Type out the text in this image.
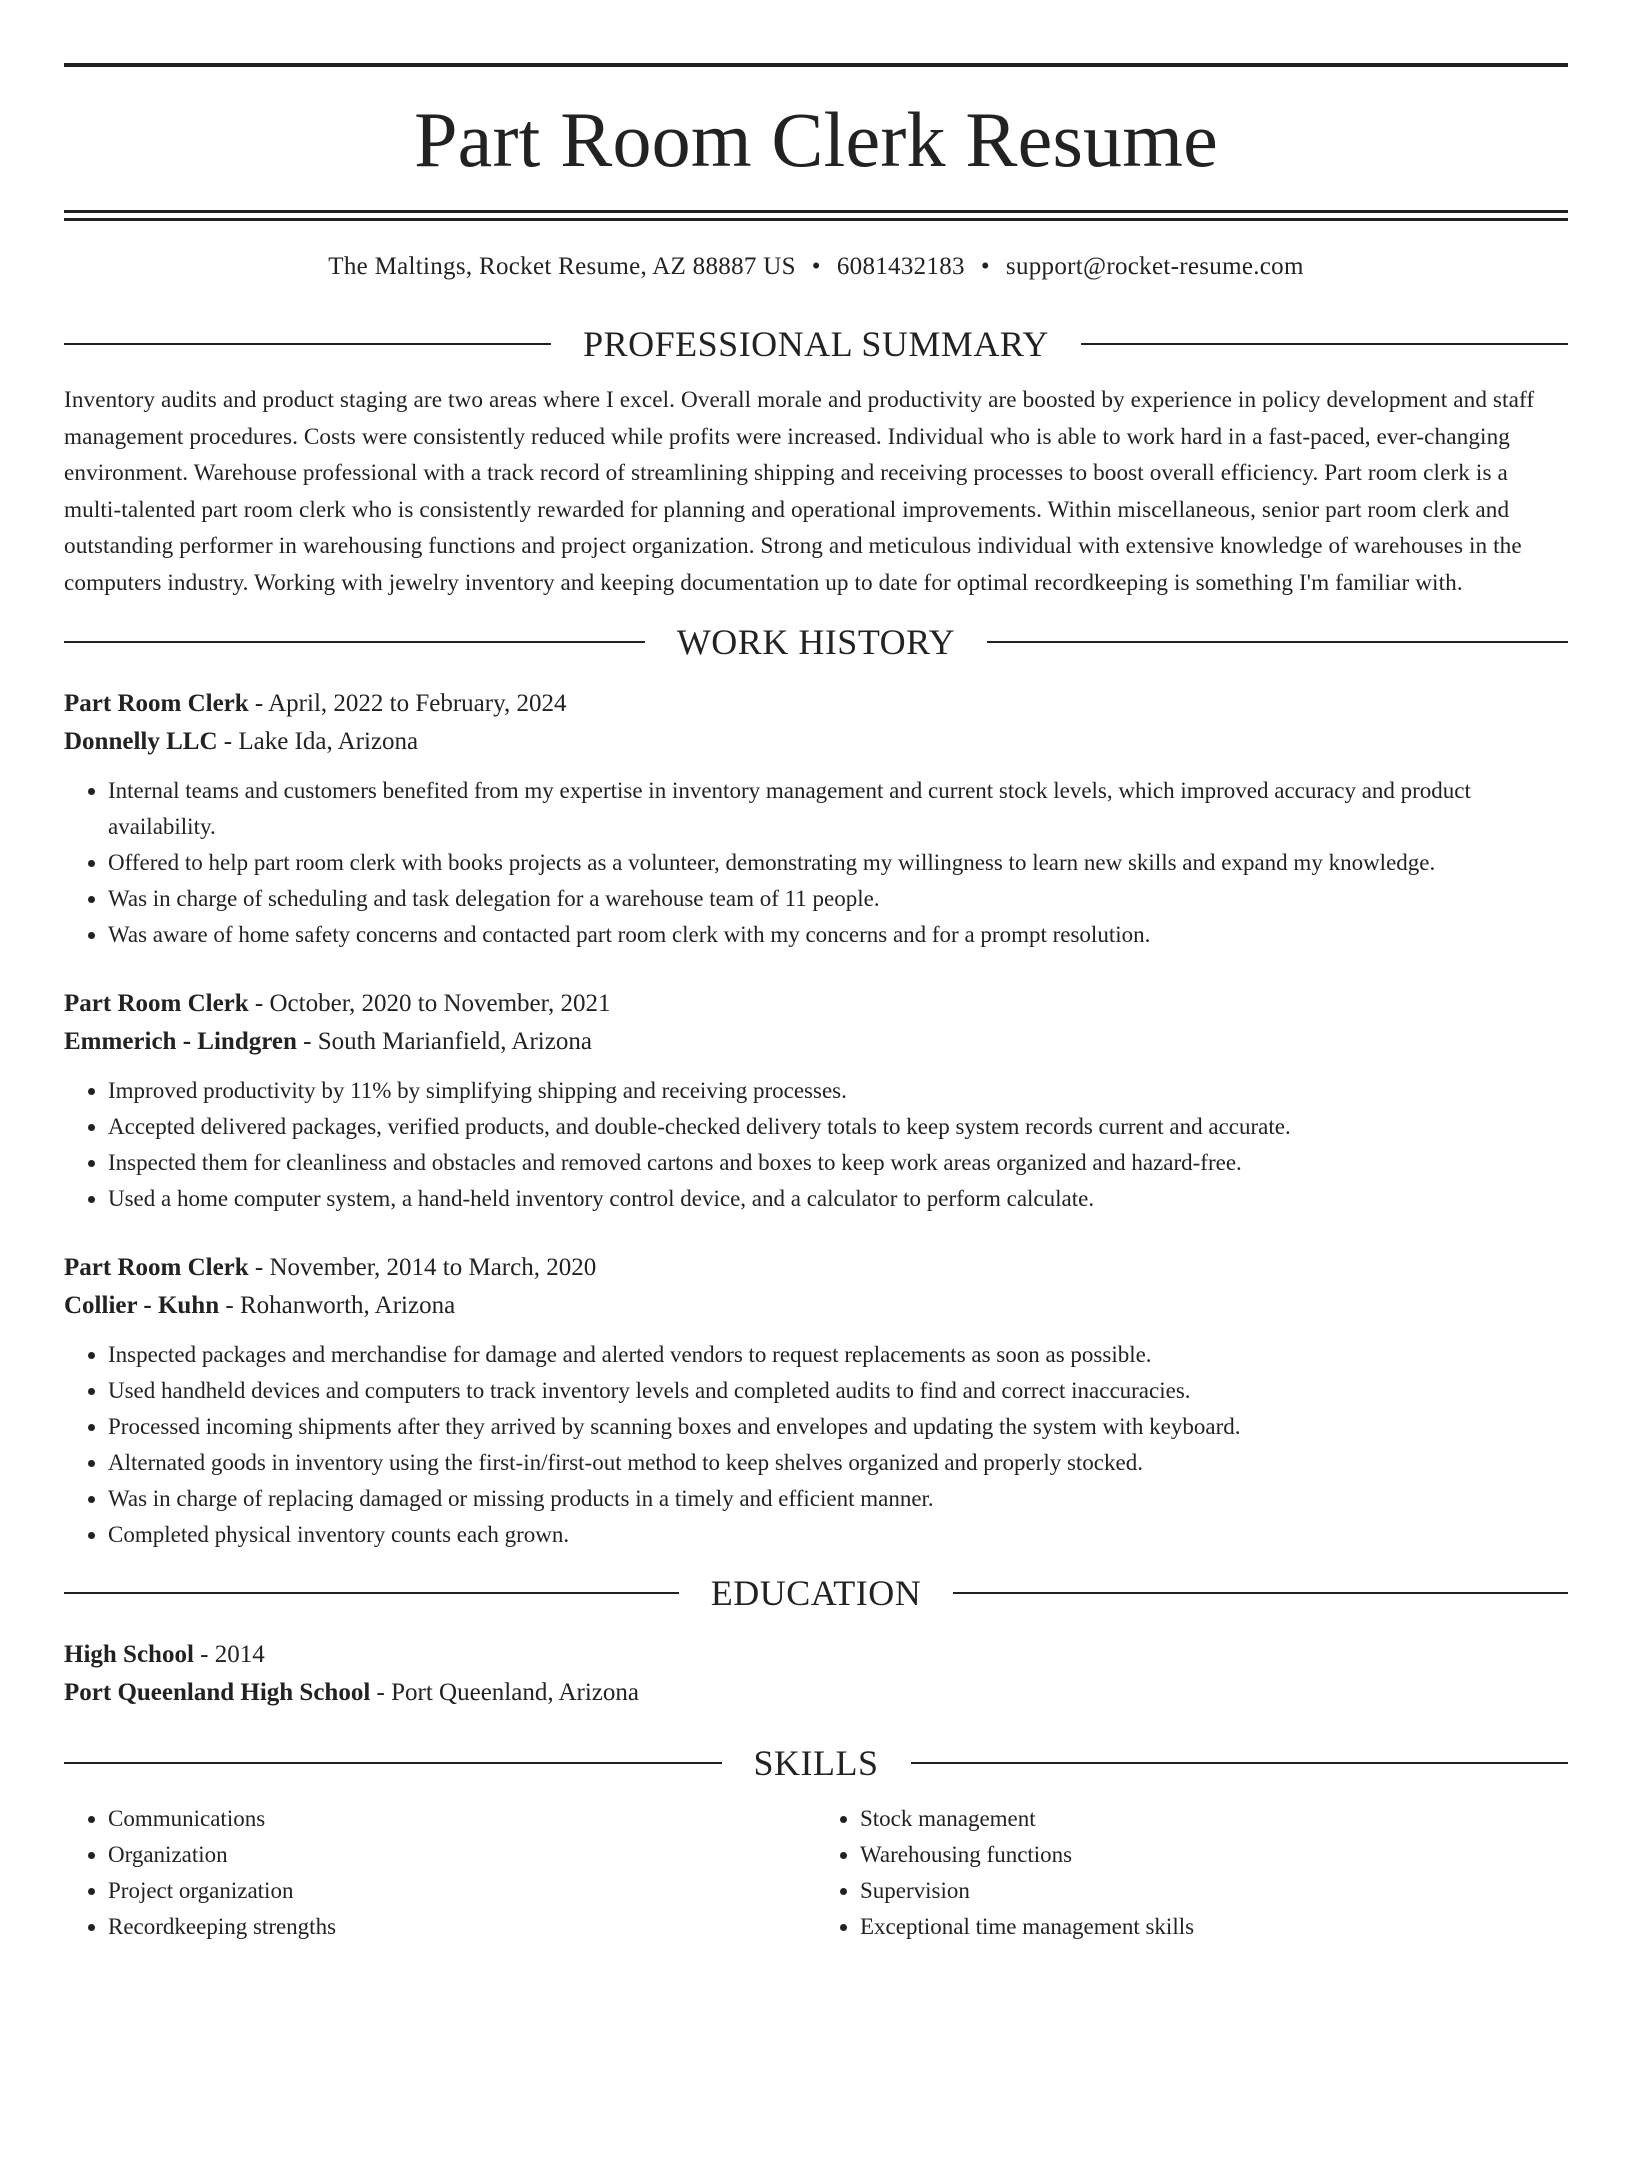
Part Room Clerk Resume
The Maltings, Rocket Resume, AZ 88887 US • 6081432183 • support@rocket-resume.com
PROFESSIONAL SUMMARY

Inventory audits and product staging are two areas where I excel. Overall morale and productivity are boosted by experience in policy development and staff management procedures. Costs were consistently reduced while profits were increased. Individual who is able to work hard in a fast-paced, ever-changing environment. Warehouse professional with a track record of streamlining shipping and receiving processes to boost overall efficiency. Part room clerk is a multi-talented part room clerk who is consistently rewarded for planning and operational improvements. Within miscellaneous, senior part room clerk and outstanding performer in warehousing functions and project organization. Strong and meticulous individual with extensive knowledge of warehouses in the computers industry. Working with jewelry inventory and keeping documentation up to date for optimal recordkeeping is something I'm familiar with.

WORK HISTORY
Part Room Clerk - April, 2022 to February, 2024
Donnelly LLC - Lake Ida, Arizona
• Internal teams and customers benefited from my expertise in inventory management and current stock levels, which improved accuracy and product availability.
• Offered to help part room clerk with books projects as a volunteer, demonstrating my willingness to learn new skills and expand my knowledge.
• Was in charge of scheduling and task delegation for a warehouse team of 11 people.
• Was aware of home safety concerns and contacted part room clerk with my concerns and for a prompt resolution.
Part Room Clerk - October, 2020 to November, 2021
Emmerich - Lindgren - South Marianfield, Arizona
• Improved productivity by 11% by simplifying shipping and receiving processes.
• Accepted delivered packages, verified products, and double-checked delivery totals to keep system records current and accurate.
• Inspected them for cleanliness and obstacles and removed cartons and boxes to keep work areas organized and hazard-free.
• Used a home computer system, a hand-held inventory control device, and a calculator to perform calculate.
Part Room Clerk - November, 2014 to March, 2020
Collier - Kuhn - Rohanworth, Arizona
• Inspected packages and merchandise for damage and alerted vendors to request replacements as soon as possible.
• Used handheld devices and computers to track inventory levels and completed audits to find and correct inaccuracies.
• Processed incoming shipments after they arrived by scanning boxes and envelopes and updating the system with keyboard.
• Alternated goods in inventory using the first-in/first-out method to keep shelves organized and properly stocked.
• Was in charge of replacing damaged or missing products in a timely and efficient manner.
• Completed physical inventory counts each grown.
EDUCATION
High School - 2014
Port Queenland High School - Port Queenland, Arizona
SKILLS
• Communications
• Organization
• Project organization
• Recordkeeping strengths
• Stock management
• Warehousing functions
• Supervision
• Exceptional time management skills
